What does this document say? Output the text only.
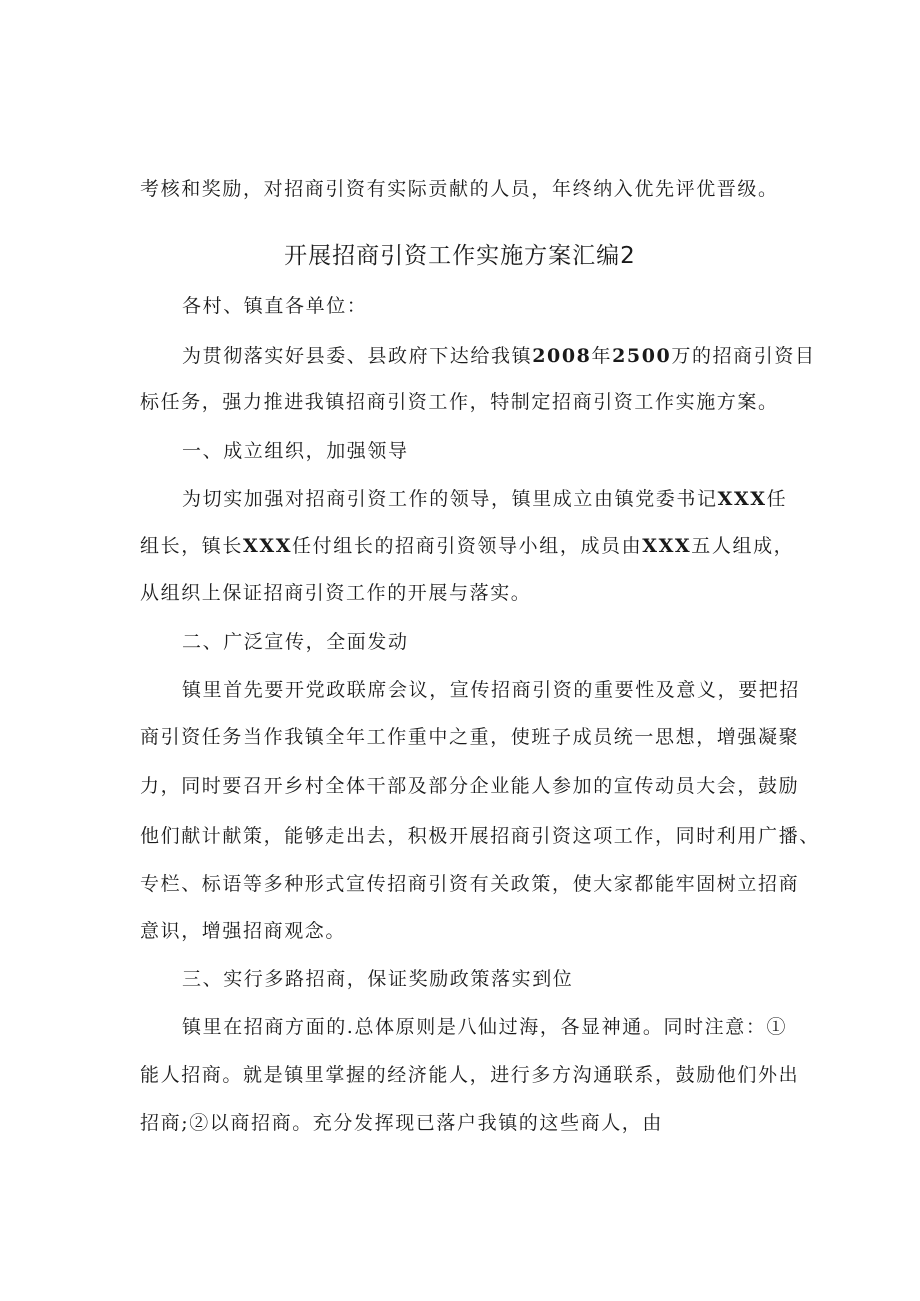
考核和奖励，对招商引资有实际贡献的人员，年终纳入优先评优晋级。
开展招商引资工作实施方案汇编2
各村、镇直各单位：
为贯彻落实好县委、县政府下达给我镇2008年2500万的招商引资目
标任务，强力推进我镇招商引资工作，特制定招商引资工作实施方案。
一、成立组织，加强领导
为切实加强对招商引资工作的领导，镇里成立由镇党委书记XXX任
组长，镇长XXX任付组长的招商引资领导小组，成员由XXX五人组成，
从组织上保证招商引资工作的开展与落实。
二、广泛宣传，全面发动
镇里首先要开党政联席会议，宣传招商引资的重要性及意义，要把招
商引资任务当作我镇全年工作重中之重，使班子成员统一思想，增强凝聚
力，同时要召开乡村全体干部及部分企业能人参加的宣传动员大会，鼓励
他们献计献策，能够走出去，积极开展招商引资这项工作，同时利用广播、
专栏、标语等多种形式宣传招商引资有关政策，使大家都能牢固树立招商
意识，增强招商观念。
三、实行多路招商，保证奖励政策落实到位
镇里在招商方面的.总体原则是八仙过海，各显神通。同时注意：①
能人招商。就是镇里掌握的经济能人，进行多方沟通联系，鼓励他们外出
招商;②以商招商。充分发挥现已落户我镇的这些商人，由
